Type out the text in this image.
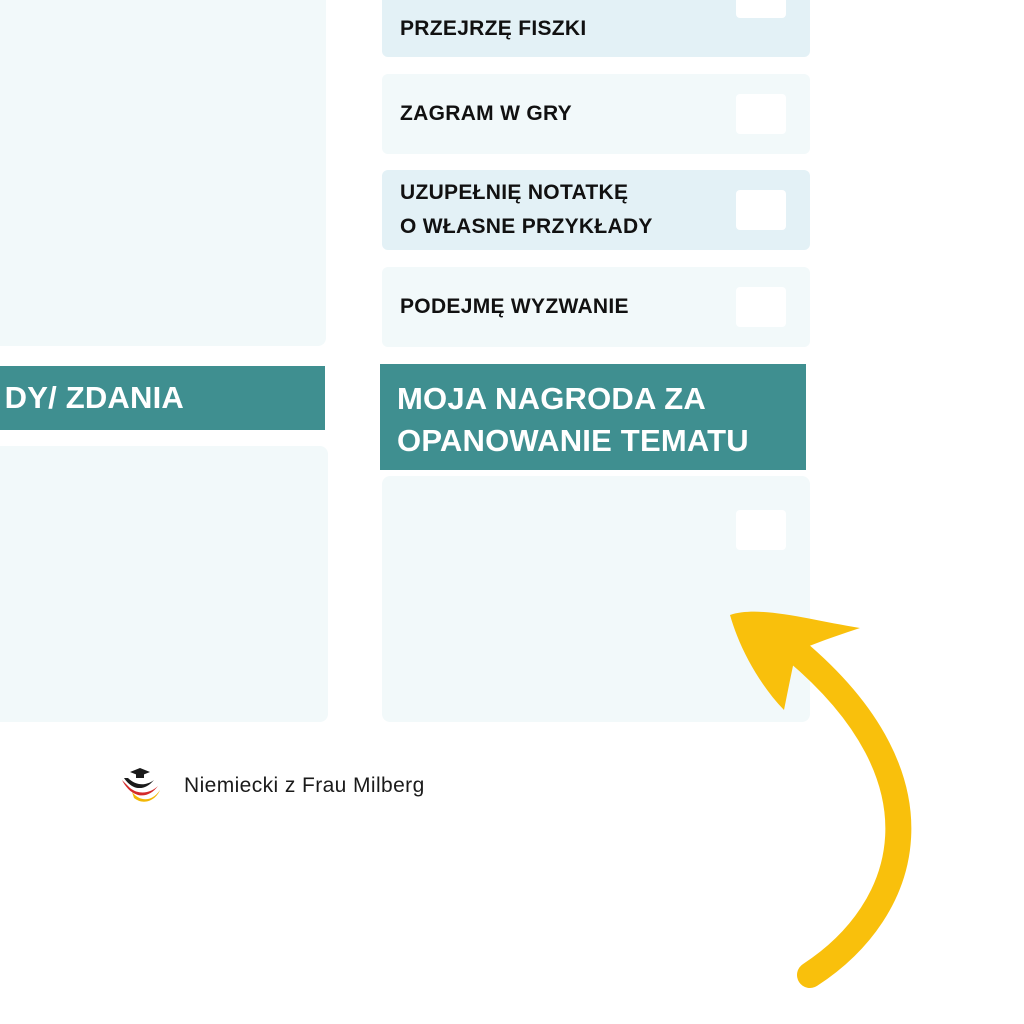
DY/ ZDANIA
PRZEJRZĘ FISZKI
ZAGRAM W GRY
UZUPEŁNIĘ NOTATKĘ
O WŁASNE PRZYKŁADY
PODEJMĘ WYZWANIE
MOJA NAGRODA ZA OPANOWANIE TEMATU
Niemiecki z Frau Milberg
